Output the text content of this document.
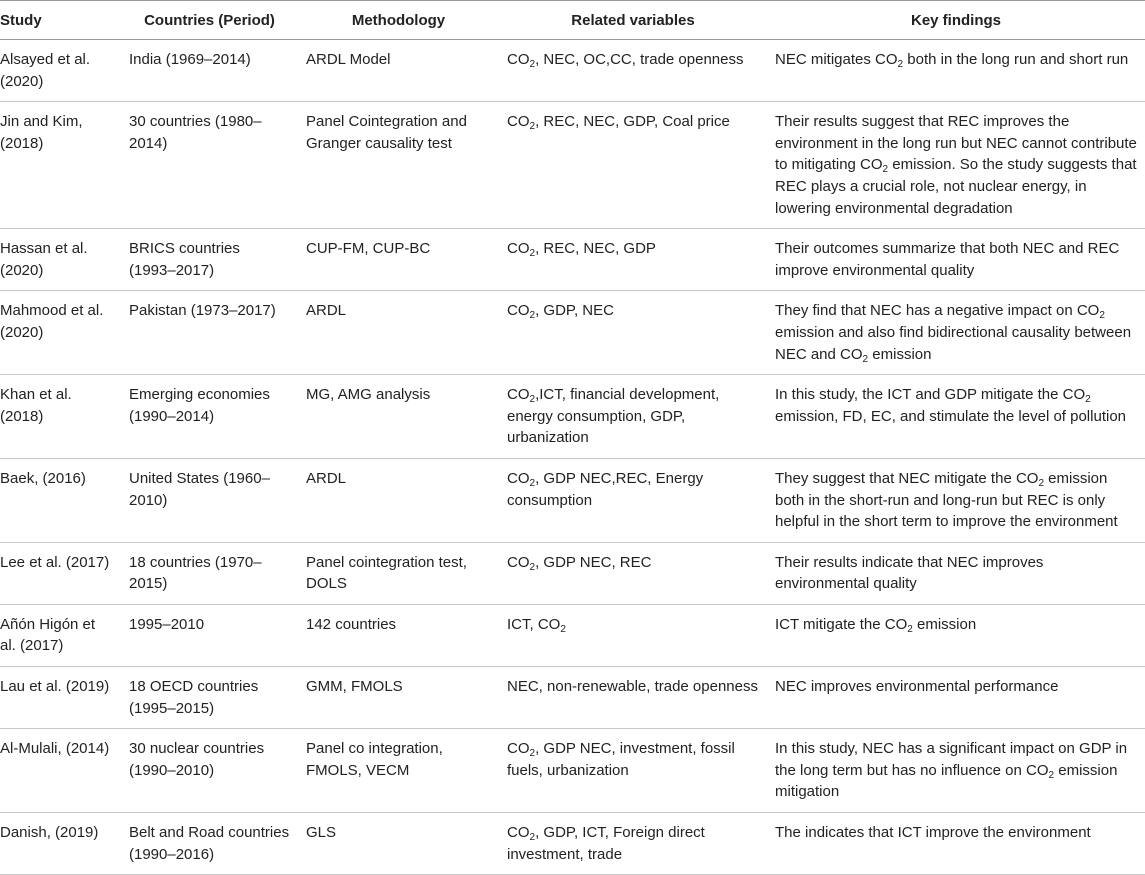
Study	Countries (Period)	Methodology	Related variables	Key findings
Alsayed et al. (2020)	India (1969–2014)	ARDL Model	$CO_2$, NEC, OC,CC, trade openness	NEC mitigates $CO_2$ both in the long run and short run
Jin and Kim, (2018)	30 countries (1980–2014)	Panel Cointegration and Granger causality test	$CO_2$, REC, NEC, GDP, Coal price	Their results suggest that REC improves the environment in the long run but NEC cannot contribute to mitigating $CO_2$ emission. So the study suggests that REC plays a crucial role, not nuclear energy, in lowering environmental degradation
Hassan et al. (2020)	BRICS countries (1993–2017)	CUP-FM, CUP-BC	$CO_2$, REC, NEC, GDP	Their outcomes summarize that both NEC and REC improve environmental quality
Mahmood et al. (2020)	Pakistan (1973–2017)	ARDL	$CO_2$, GDP, NEC	They find that NEC has a negative impact on $CO_2$ emission and also find bidirectional causality between NEC and $CO_2$ emission
Khan et al. (2018)	Emerging economies (1990–2014)	MG, AMG analysis	$CO_2,ICT$, financial development, energy consumption, GDP, urbanization	In this study, the ICT and GDP mitigate the $CO_2$ emission, FD, EC, and stimulate the level of pollution
Baek, (2016)	United States (1960–2010)	ARDL	$CO_2$, GDP NEC,REC, Energy consumption	They suggest that NEC mitigate the $CO_2$ emission both in the short-run and long-run but REC is only helpful in the short term to improve the environment
Lee et al. (2017)	18 countries (1970–2015)	Panel cointegration test, DOLS	$CO_2$, GDP NEC, REC	Their results indicate that NEC improves environmental quality
Añón Higón et al. (2017)	1995–2010	142 countries	ICT, $CO_2$	ICT mitigate the $CO_2$ emission
Lau et al. (2019)	18 OECD countries (1995–2015)	GMM, FMOLS	NEC, non-renewable, trade openness	NEC improves environmental performance
Al-Mulali, (2014)	30 nuclear countries (1990–2010)	Panel co integration, FMOLS, VECM	$CO_2$, GDP NEC, investment, fossil fuels, urbanization	In this study, NEC has a significant impact on GDP in the long term but has no influence on $CO_2$ emission mitigation
Danish, (2019)	Belt and Road countries (1990–2016)	GLS	$CO_2$, GDP, ICT, Foreign direct investment, trade	The indicates that ICT improve the environment
